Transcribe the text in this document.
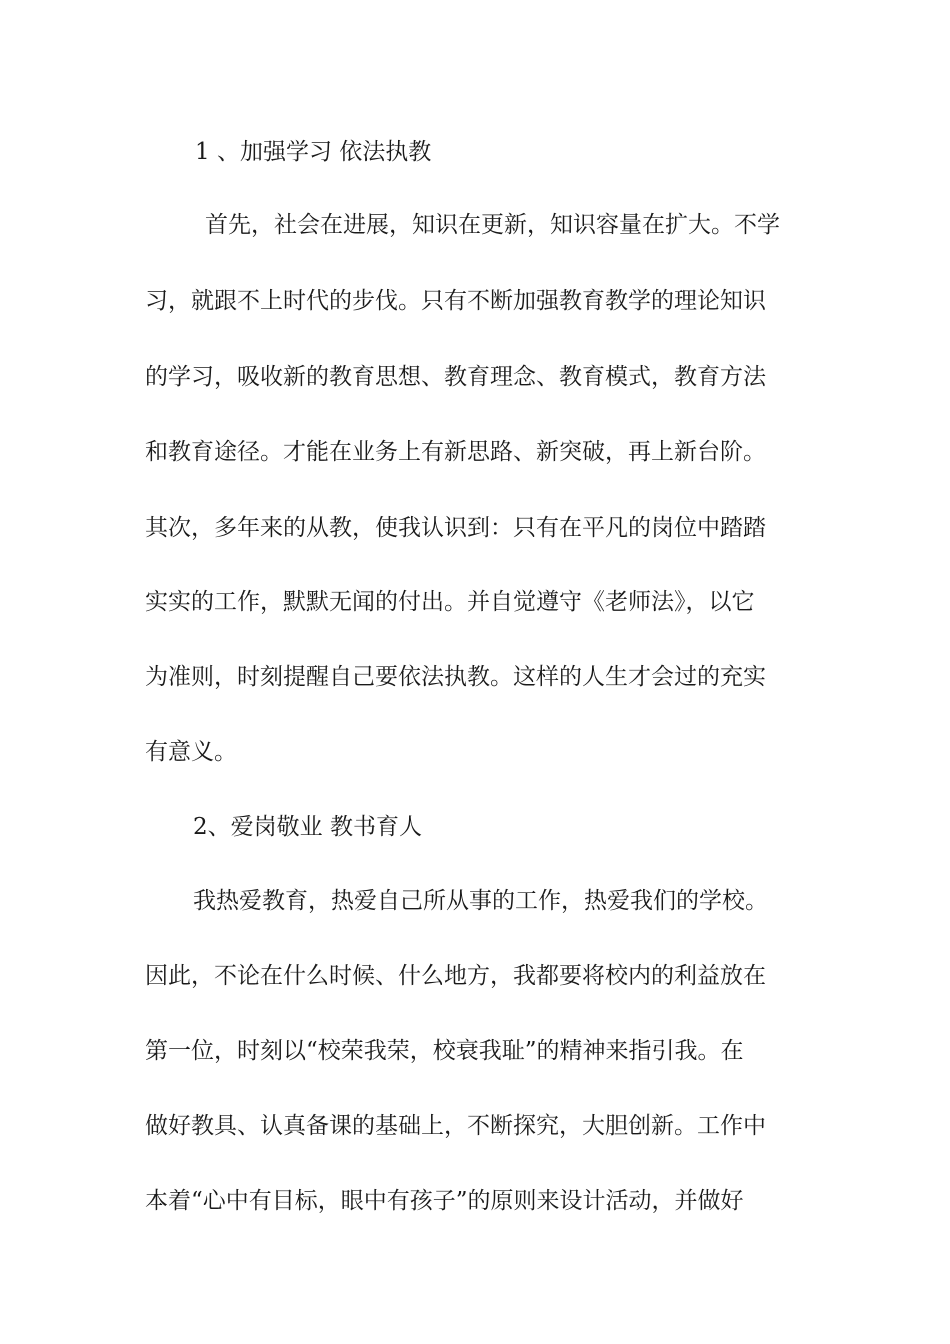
1 、加强学习 依法执教
首先，社会在进展，知识在更新，知识容量在扩大。不学
习，就跟不上时代的步伐。只有不断加强教育教学的理论知识
的学习，吸收新的教育思想、教育理念、教育模式，教育方法
和教育途径。才能在业务上有新思路、新突破，再上新台阶。
其次，多年来的从教，使我认识到：只有在平凡的岗位中踏踏
实实的工作，默默无闻的付出。并自觉遵守《老师法》，以它
为准则，时刻提醒自己要依法执教。这样的人生才会过的充实
有意义。
2、爱岗敬业 教书育人
我热爱教育，热爱自己所从事的工作，热爱我们的学校。
因此，不论在什么时候、什么地方，我都要将校内的利益放在
第一位，时刻以“校荣我荣，校衰我耻”的精神来指引我。在
做好教具、认真备课的基础上，不断探究，大胆创新。工作中
本着“心中有目标，眼中有孩子”的原则来设计活动，并做好
